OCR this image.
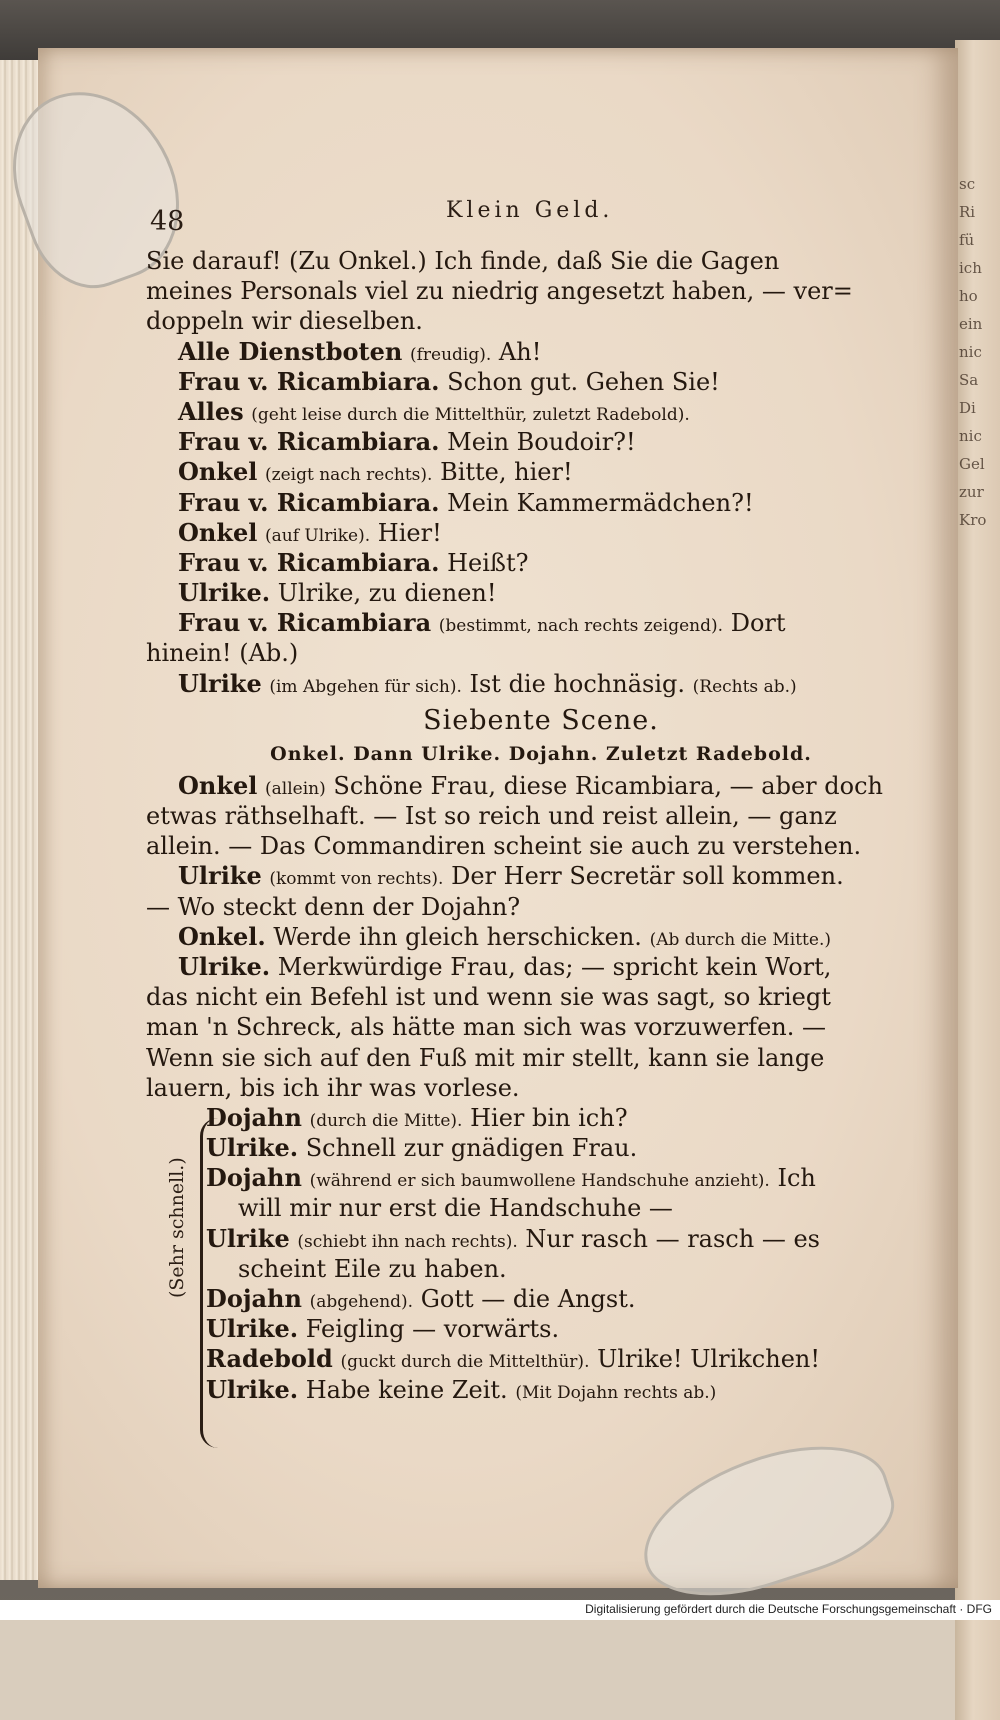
sc
Ri
fü
ich
ho
ein
nic
Sa
Di
nic
Gel
zur
Kro
48	Klein Geld.
Sie darauf! (Zu Onkel.) Ich finde, daß Sie die Gagen
meines Personals viel zu niedrig angesetzt haben, — ver=
doppeln wir dieselben.
Alle Dienstboten (freudig). Ah!
Frau v. Ricambiara. Schon gut. Gehen Sie!
Alles (geht leise durch die Mittelthür, zuletzt Radebold).
Frau v. Ricambiara. Mein Boudoir?!
Onkel (zeigt nach rechts). Bitte, hier!
Frau v. Ricambiara. Mein Kammermädchen?!
Onkel (auf Ulrike). Hier!
Frau v. Ricambiara. Heißt?
Ulrike. Ulrike, zu dienen!
Frau v. Ricambiara (bestimmt, nach rechts zeigend). Dort
hinein! (Ab.)
Ulrike (im Abgehen für sich). Ist die hochnäsig. (Rechts ab.)
Siebente Scene.
Onkel. Dann Ulrike. Dojahn. Zuletzt Radebold.
Onkel (allein) Schöne Frau, diese Ricambiara, — aber doch
etwas räthselhaft. — Ist so reich und reist allein, — ganz
allein. — Das Commandiren scheint sie auch zu verstehen.
Ulrike (kommt von rechts). Der Herr Secretär soll kommen.
— Wo steckt denn der Dojahn?
Onkel. Werde ihn gleich herschicken. (Ab durch die Mitte.)
Ulrike. Merkwürdige Frau, das; — spricht kein Wort,
das nicht ein Befehl ist und wenn sie was sagt, so kriegt
man 'n Schreck, als hätte man sich was vorzuwerfen. —
Wenn sie sich auf den Fuß mit mir stellt, kann sie lange
lauern, bis ich ihr was vorlese.
Dojahn (durch die Mitte). Hier bin ich?
Ulrike. Schnell zur gnädigen Frau.
Dojahn (während er sich baumwollene Handschuhe anzieht). Ich
will mir nur erst die Handschuhe —
Ulrike (schiebt ihn nach rechts). Nur rasch — rasch — es
scheint Eile zu haben.
Dojahn (abgehend). Gott — die Angst.
Ulrike. Feigling — vorwärts.
Radebold (guckt durch die Mittelthür). Ulrike! Ulrikchen!
Ulrike. Habe keine Zeit. (Mit Dojahn rechts ab.)
(Sehr schnell.)
Digitalisierung gefördert durch die Deutsche Forschungsgemeinschaft · DFG
